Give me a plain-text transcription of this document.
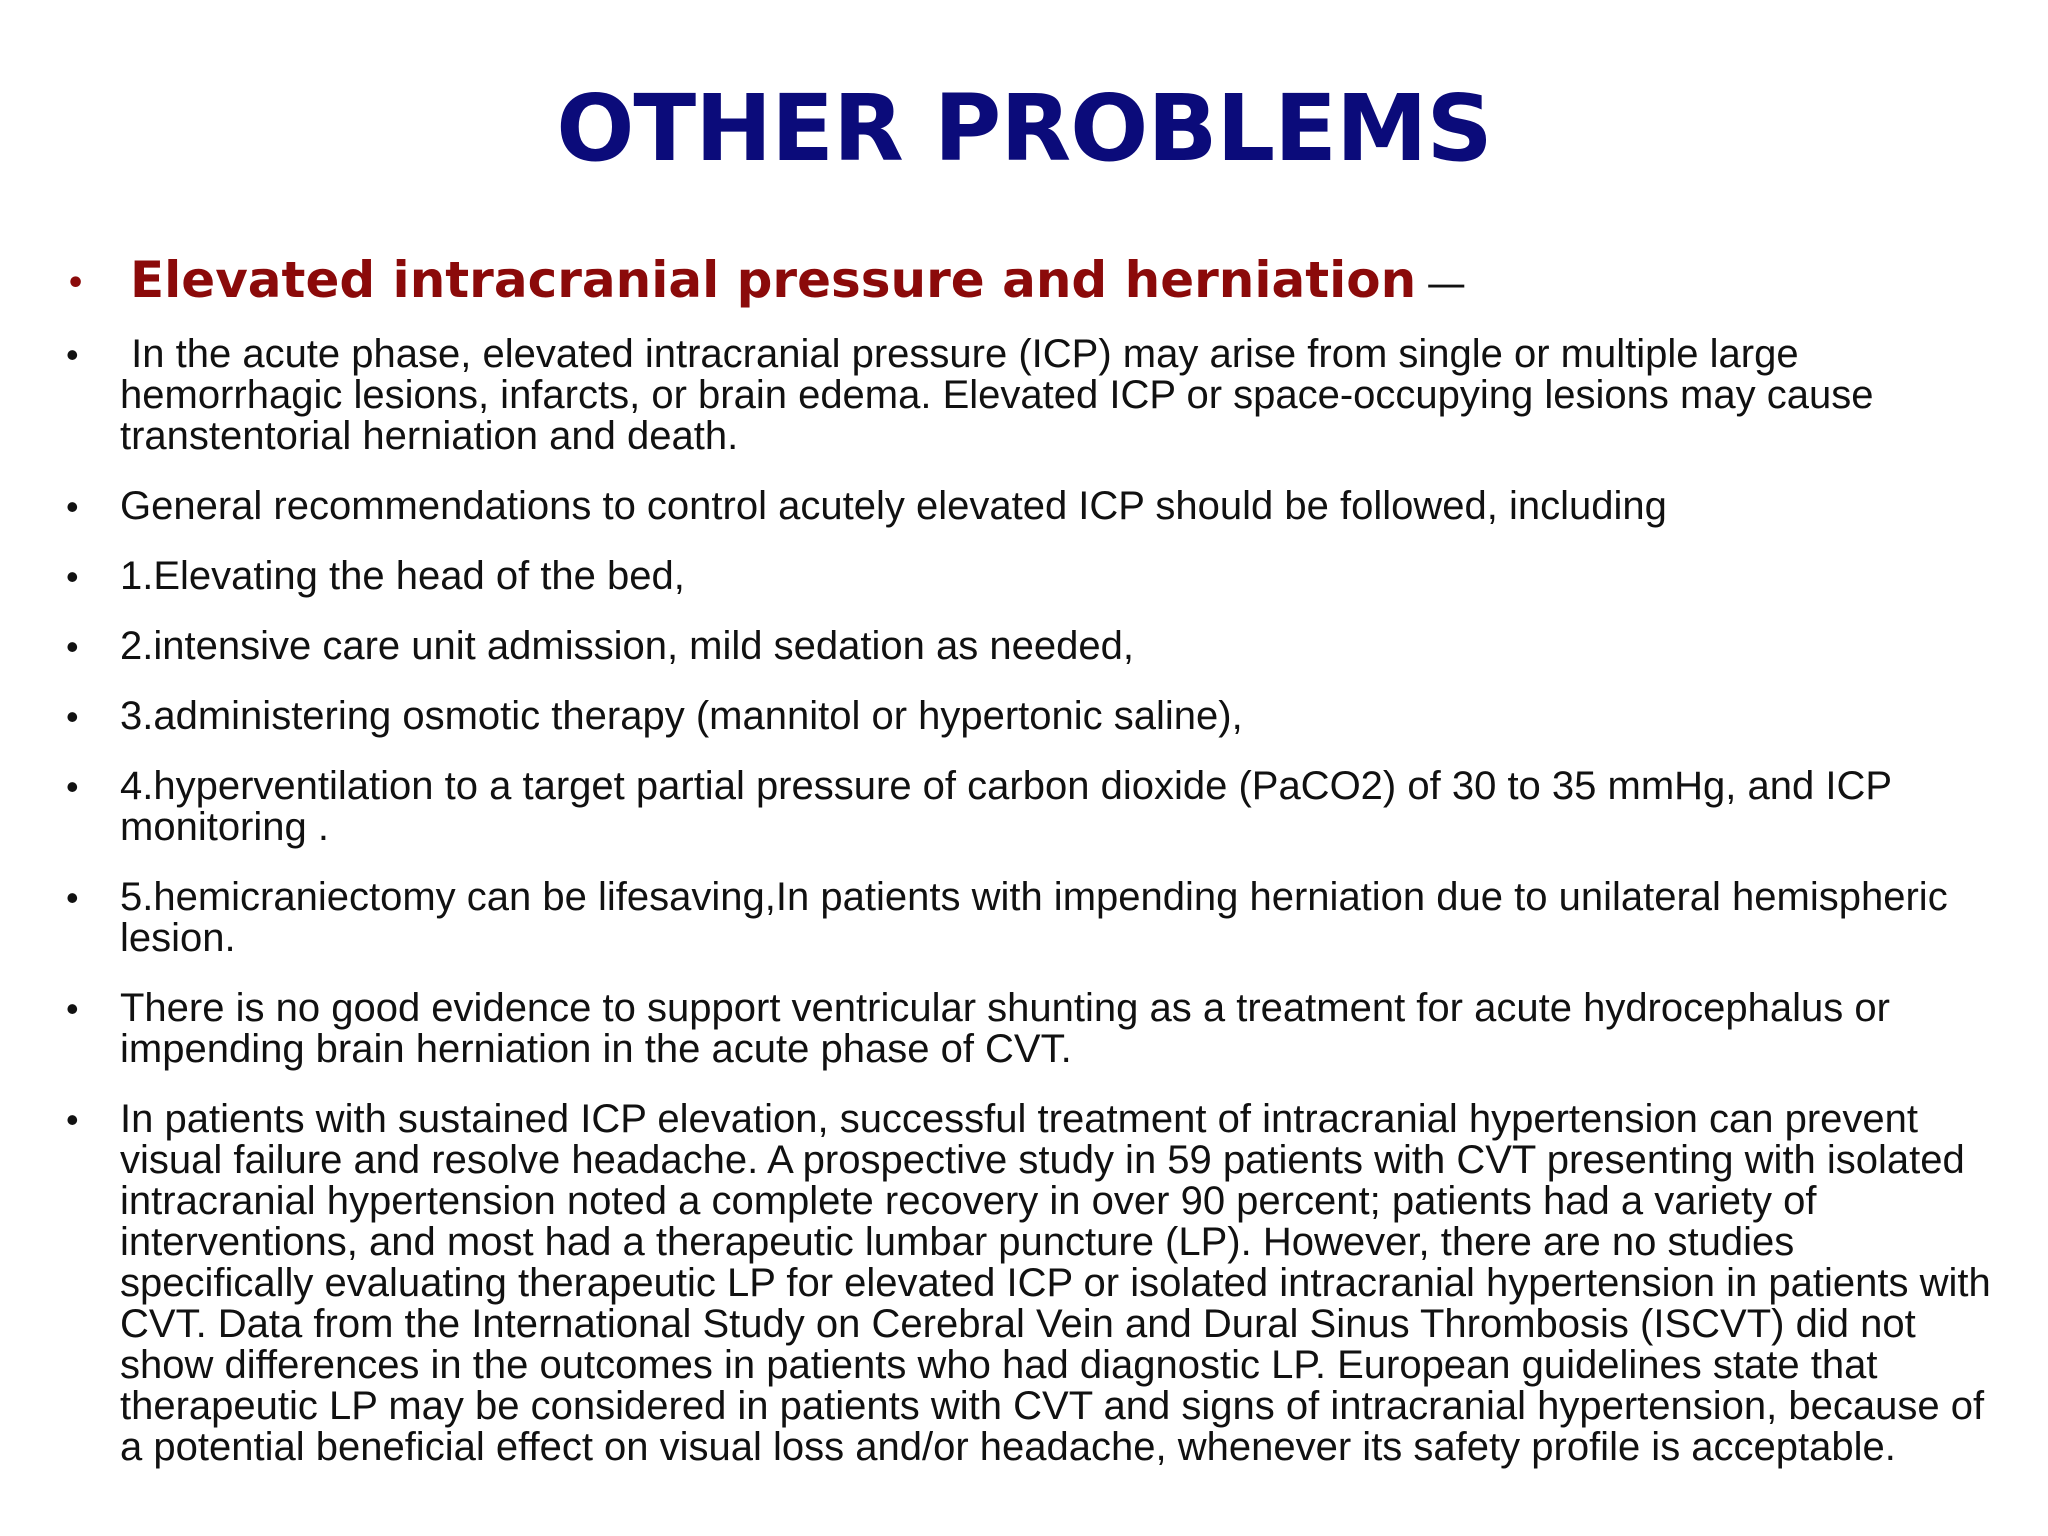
OTHER PROBLEMS
• Elevated intracranial pressure and herniation —
• In the acute phase, elevated intracranial pressure (ICP) may arise from single or multiple large hemorrhagic lesions, infarcts, or brain edema. Elevated ICP or space-occupying lesions may cause transtentorial herniation and death.
• General recommendations to control acutely elevated ICP should be followed, including
• 1.Elevating the head of the bed,
• 2.intensive care unit admission, mild sedation as needed,
• 3.administering osmotic therapy (mannitol or hypertonic saline),
• 4.hyperventilation to a target partial pressure of carbon dioxide (PaCO2) of 30 to 35 mmHg, and ICP monitoring .
• 5.hemicraniectomy can be lifesaving,In patients with impending herniation due to unilateral hemispheric lesion.
• There is no good evidence to support ventricular shunting as a treatment for acute hydrocephalus or impending brain herniation in the acute phase of CVT.
• In patients with sustained ICP elevation, successful treatment of intracranial hypertension can prevent visual failure and resolve headache. A prospective study in 59 patients with CVT presenting with isolated intracranial hypertension noted a complete recovery in over 90 percent; patients had a variety of interventions, and most had a therapeutic lumbar puncture (LP). However, there are no studies specifically evaluating therapeutic LP for elevated ICP or isolated intracranial hypertension in patients with CVT. Data from the International Study on Cerebral Vein and Dural Sinus Thrombosis (ISCVT) did not show differences in the outcomes in patients who had diagnostic LP. European guidelines state that therapeutic LP may be considered in patients with CVT and signs of intracranial hypertension, because of a potential beneficial effect on visual loss and/or headache, whenever its safety profile is acceptable.
